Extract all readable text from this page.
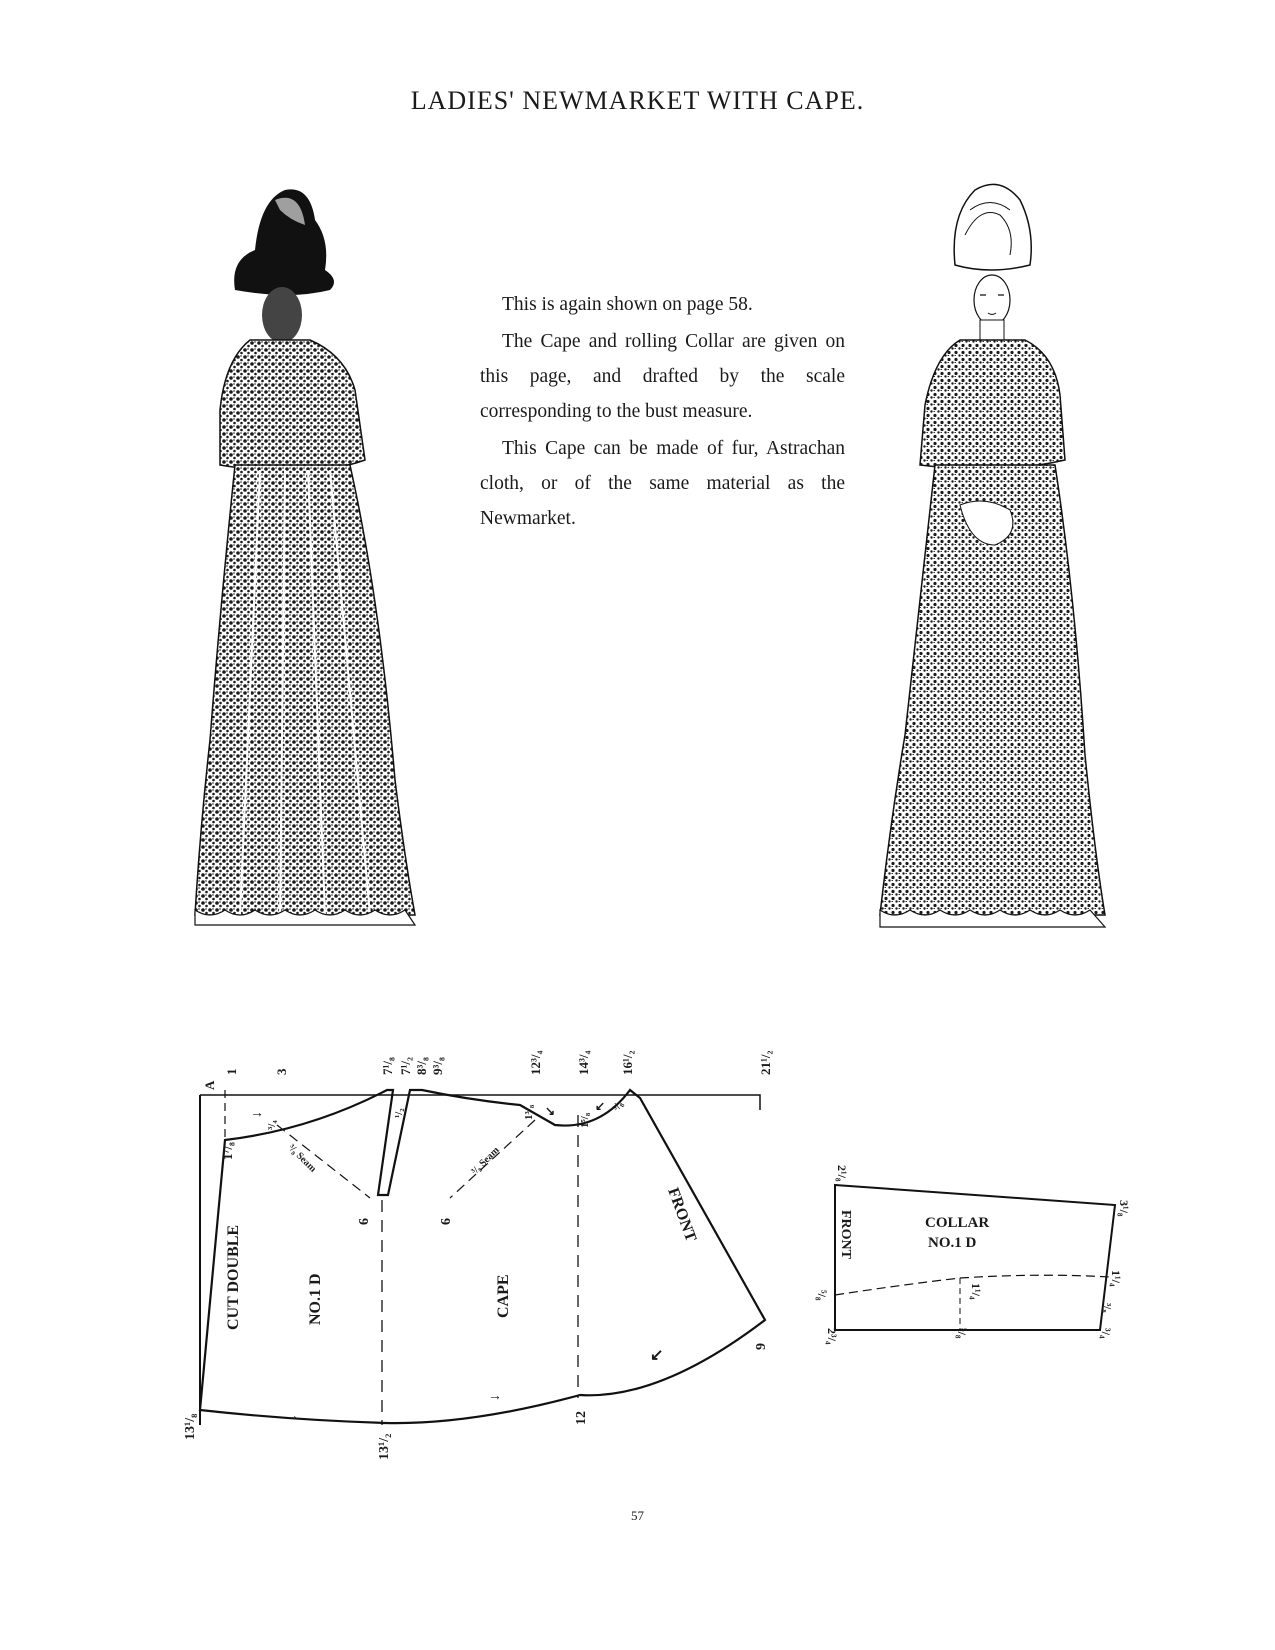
LADIES' NEWMARKET WITH CAPE.

This is again shown on page 58.

The Cape and rolling Collar are given on this page, and drafted by the scale corresponding to the bust measure.

This Cape can be made of fur, Astrachan cloth, or of the same material as the Newmarket.

A
1	3	7¹/₈ 7¹/₂ 8³/₈ 9³/₈	12³/₄	14³/₄ 16¹/₂	21¹/₂
1⁷/₈
³/₄
1³/₈
1⁵/₈
¹/₂	³/₈
³/₈ Seam	³/₈ Seam
6	6
9
CUT DOUBLE	NO.1 D	CAPE
FRONT
→
→
→
↙
↘	↙
13¹/₈
13¹/₂
12
2¹/₈
3¹/₈
1¹/₄
⁵/₈
⁵/₈	³/₄
1¹/₄
³/₈
2³/₄
COLLAR
NO.1 D
FRONT
57
